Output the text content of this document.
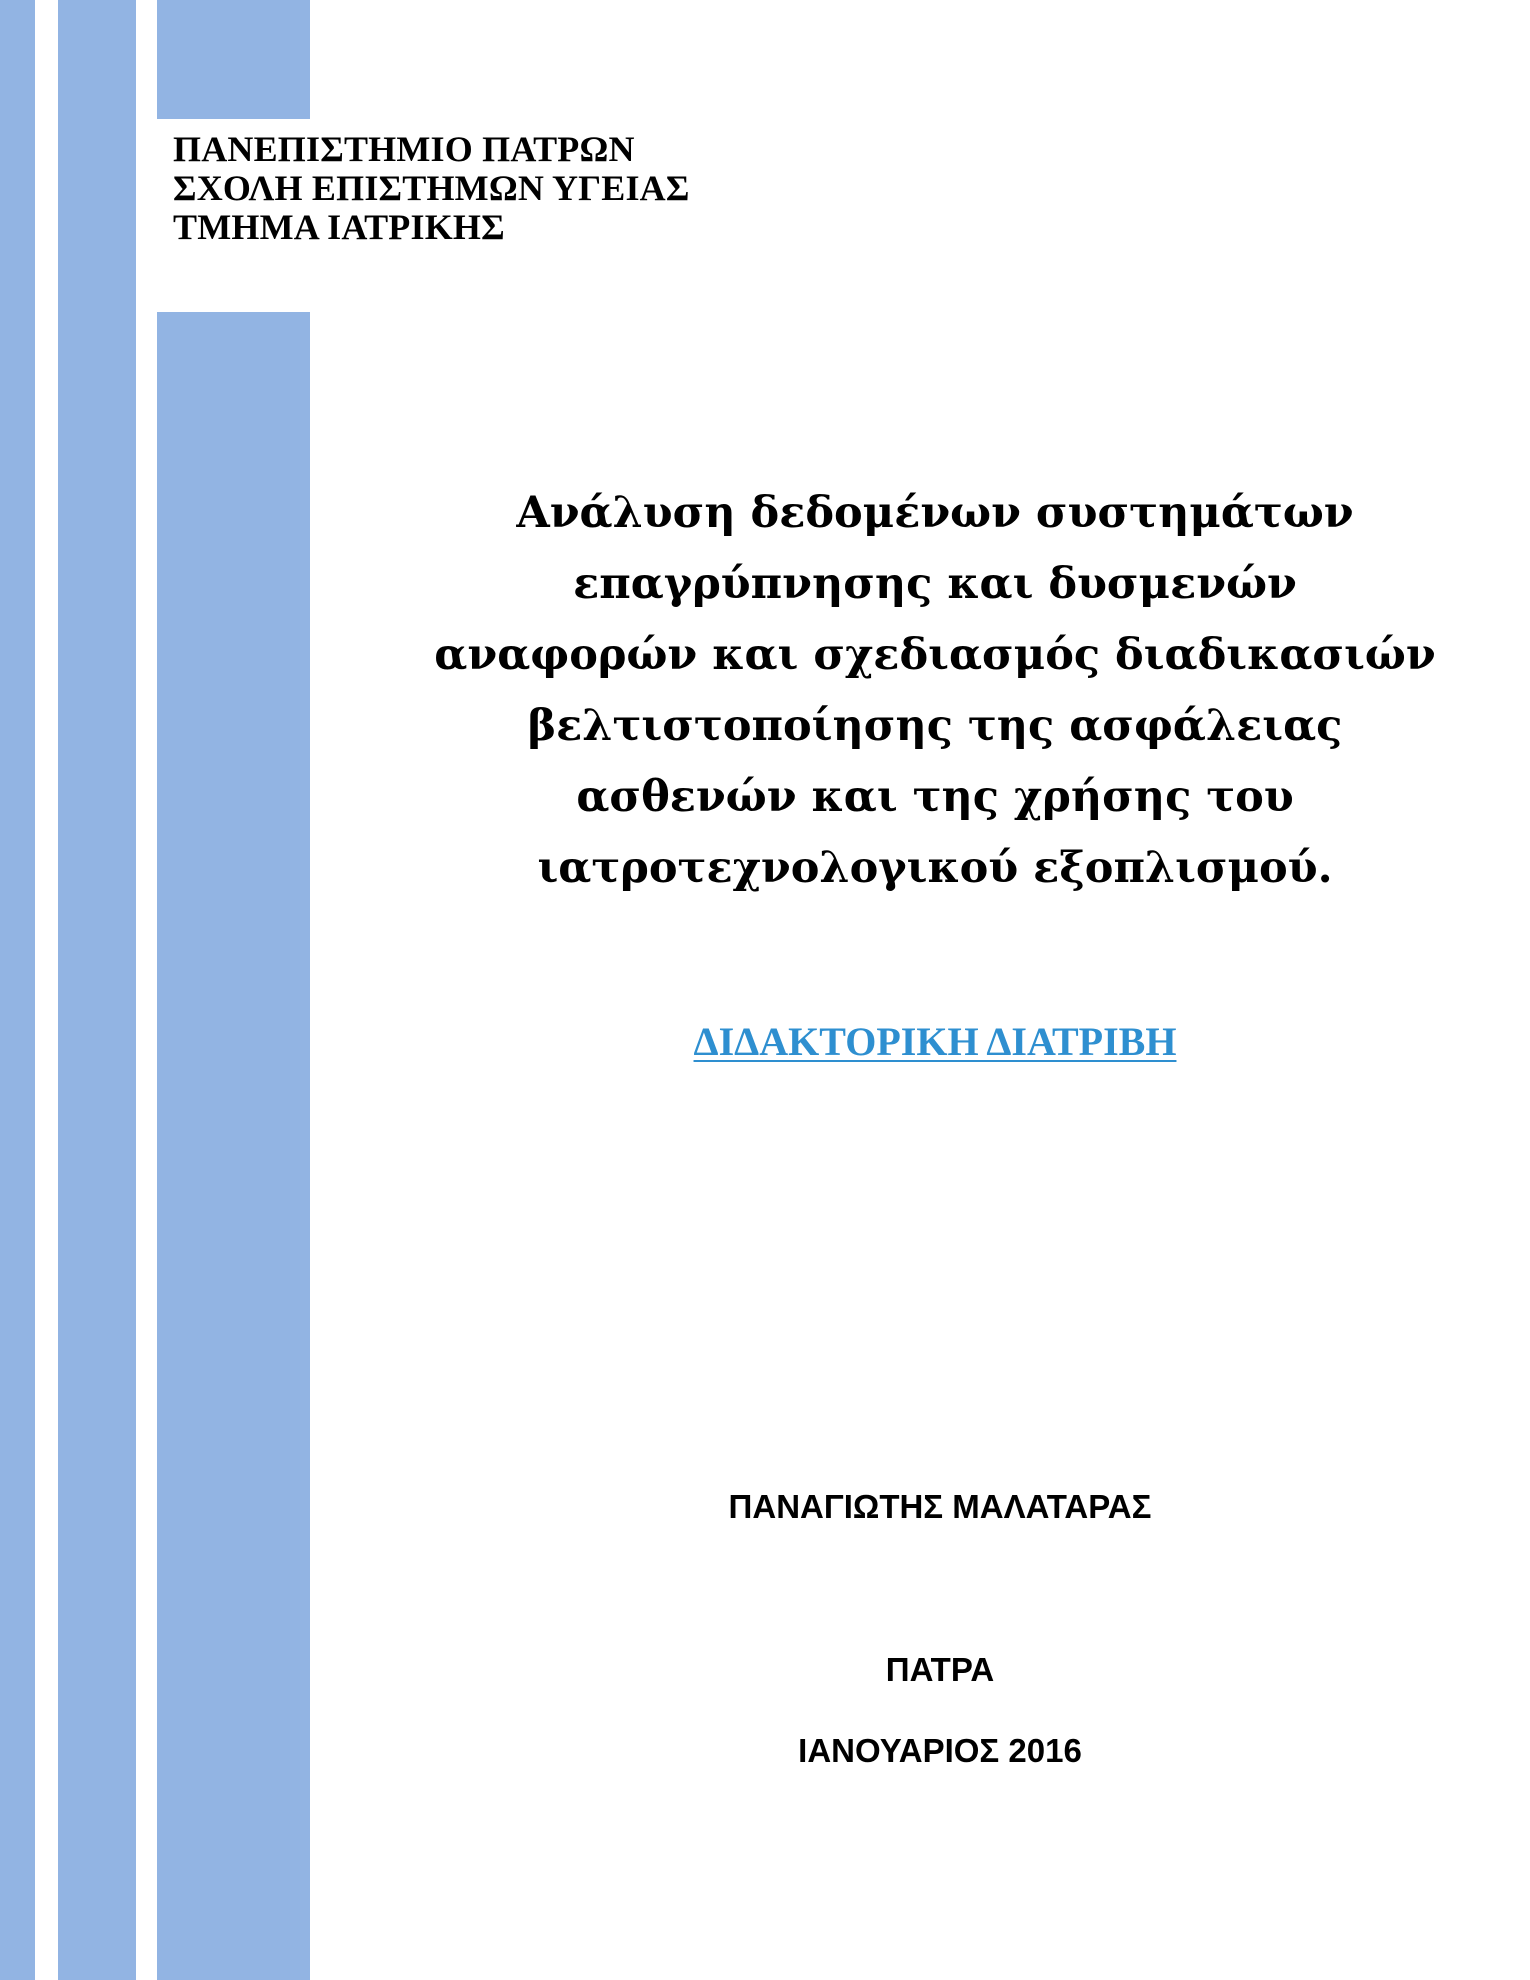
ΠΑΝΕΠΙΣΤΗΜΙΟ ΠΑΤΡΩΝ
ΣΧΟΛΗ ΕΠΙΣΤΗΜΩΝ ΥΓΕΙΑΣ
ΤΜΗΜΑ ΙΑΤΡΙΚΗΣ
Ανάλυση δεδομένων συστημάτων
επαγρύπνησης και δυσμενών
αναφορών και σχεδιασμός διαδικασιών
βελτιστοποίησης της ασφάλειας
ασθενών και της χρήσης του
ιατροτεχνολογικού εξοπλισμού.
ΔΙΔΑΚΤΟΡΙΚΗ ΔΙΑΤΡΙΒΗ
ΠΑΝΑΓΙΩΤΗΣ ΜΑΛΑΤΑΡΑΣ
ΠΑΤΡΑ
ΙΑΝΟΥΑΡΙΟΣ 2016
